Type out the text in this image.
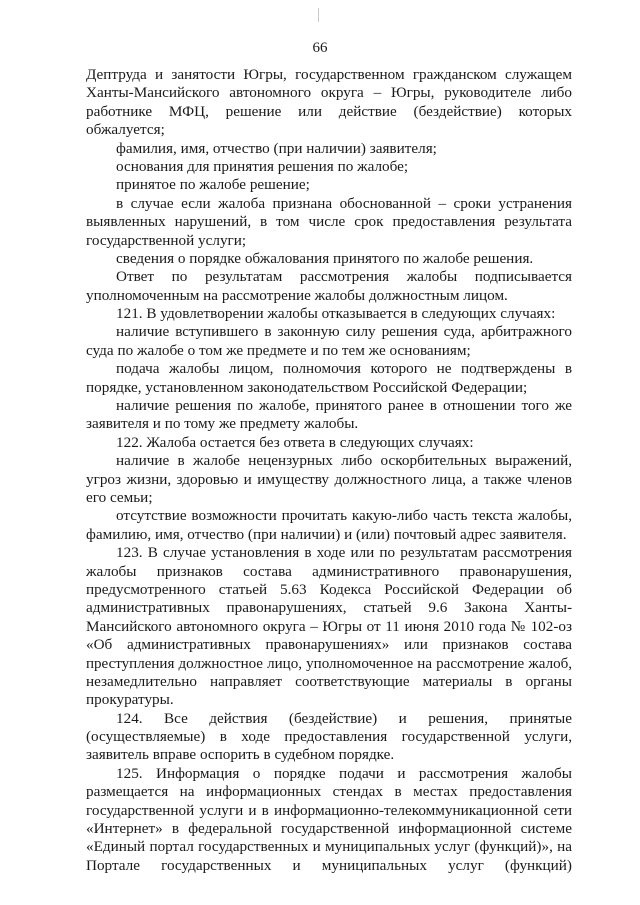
66
Дептруда и занятости Югры, государственном гражданском служащем
Ханты-Мансийского автономного округа – Югры, руководителе либо
работнике МФЦ, решение или действие (бездействие) которых
обжалуется;
фамилия, имя, отчество (при наличии) заявителя;
основания для принятия решения по жалобе;
принятое по жалобе решение;
в случае если жалоба признана обоснованной – сроки устранения
выявленных нарушений, в том числе срок предоставления результата
государственной услуги;
сведения о порядке обжалования принятого по жалобе решения.
Ответ по результатам рассмотрения жалобы подписывается
уполномоченным на рассмотрение жалобы должностным лицом.
121. В удовлетворении жалобы отказывается в следующих случаях:
наличие вступившего в законную силу решения суда, арбитражного
суда по жалобе о том же предмете и по тем же основаниям;
подача жалобы лицом, полномочия которого не подтверждены в
порядке, установленном законодательством Российской Федерации;
наличие решения по жалобе, принятого ранее в отношении того же
заявителя и по тому же предмету жалобы.
122. Жалоба остается без ответа в следующих случаях:
наличие в жалобе нецензурных либо оскорбительных выражений,
угроз жизни, здоровью и имуществу должностного лица, а также членов
его семьи;
отсутствие возможности прочитать какую-либо часть текста жалобы,
фамилию, имя, отчество (при наличии) и (или) почтовый адрес заявителя.
123. В случае установления в ходе или по результатам рассмотрения
жалобы признаков состава административного правонарушения,
предусмотренного статьей 5.63 Кодекса Российской Федерации об
административных правонарушениях, статьей 9.6 Закона Ханты-
Мансийского автономного округа – Югры от 11 июня 2010 года № 102-оз
«Об административных правонарушениях» или признаков состава
преступления должностное лицо, уполномоченное на рассмотрение жалоб,
незамедлительно направляет соответствующие материалы в органы
прокуратуры.
124. Все действия (бездействие) и решения, принятые
(осуществляемые) в ходе предоставления государственной услуги,
заявитель вправе оспорить в судебном порядке.
125. Информация о порядке подачи и рассмотрения жалобы
размещается на информационных стендах в местах предоставления
государственной услуги и в информационно-телекоммуникационной сети
«Интернет» в федеральной государственной информационной системе
«Единый портал государственных и муниципальных услуг (функций)», на
Портале государственных и муниципальных услуг (функций)
